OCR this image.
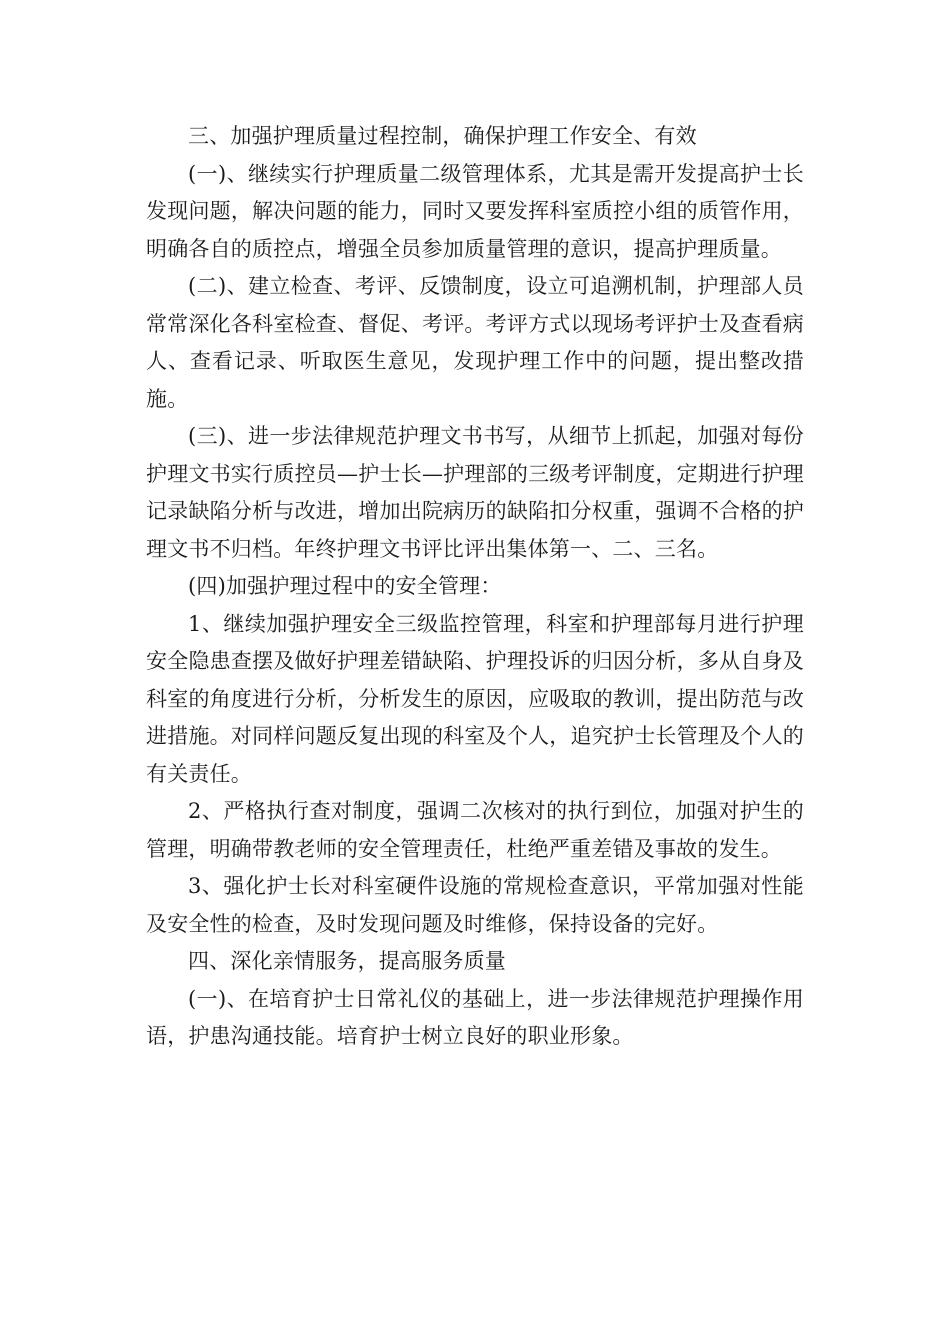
三、加强护理质量过程控制，确保护理工作安全、有效

(一)、继续实行护理质量二级管理体系，尤其是需开发提高护士长发现问题，解决问题的能力，同时又要发挥科室质控小组的质管作用，明确各自的质控点，增强全员参加质量管理的意识，提高护理质量。

(二)、建立检查、考评、反馈制度，设立可追溯机制，护理部人员常常深化各科室检查、督促、考评。考评方式以现场考评护士及查看病人、查看记录、听取医生意见，发现护理工作中的问题，提出整改措施。

(三)、进一步法律规范护理文书书写，从细节上抓起，加强对每份护理文书实行质控员—护士长—护理部的三级考评制度，定期进行护理记录缺陷分析与改进，增加出院病历的缺陷扣分权重，强调不合格的护理文书不归档。年终护理文书评比评出集体第一、二、三名。

(四)加强护理过程中的安全管理：

1、继续加强护理安全三级监控管理，科室和护理部每月进行护理安全隐患查摆及做好护理差错缺陷、护理投诉的归因分析，多从自身及科室的角度进行分析，分析发生的原因，应吸取的教训，提出防范与改进措施。对同样问题反复出现的科室及个人，追究护士长管理及个人的有关责任。

2、严格执行查对制度，强调二次核对的执行到位，加强对护生的管理，明确带教老师的安全管理责任，杜绝严重差错及事故的发生。

3、强化护士长对科室硬件设施的常规检查意识，平常加强对性能及安全性的检查，及时发现问题及时维修，保持设备的完好。

四、深化亲情服务，提高服务质量

(一)、在培育护士日常礼仪的基础上，进一步法律规范护理操作用语，护患沟通技能。培育护士树立良好的职业形象。
